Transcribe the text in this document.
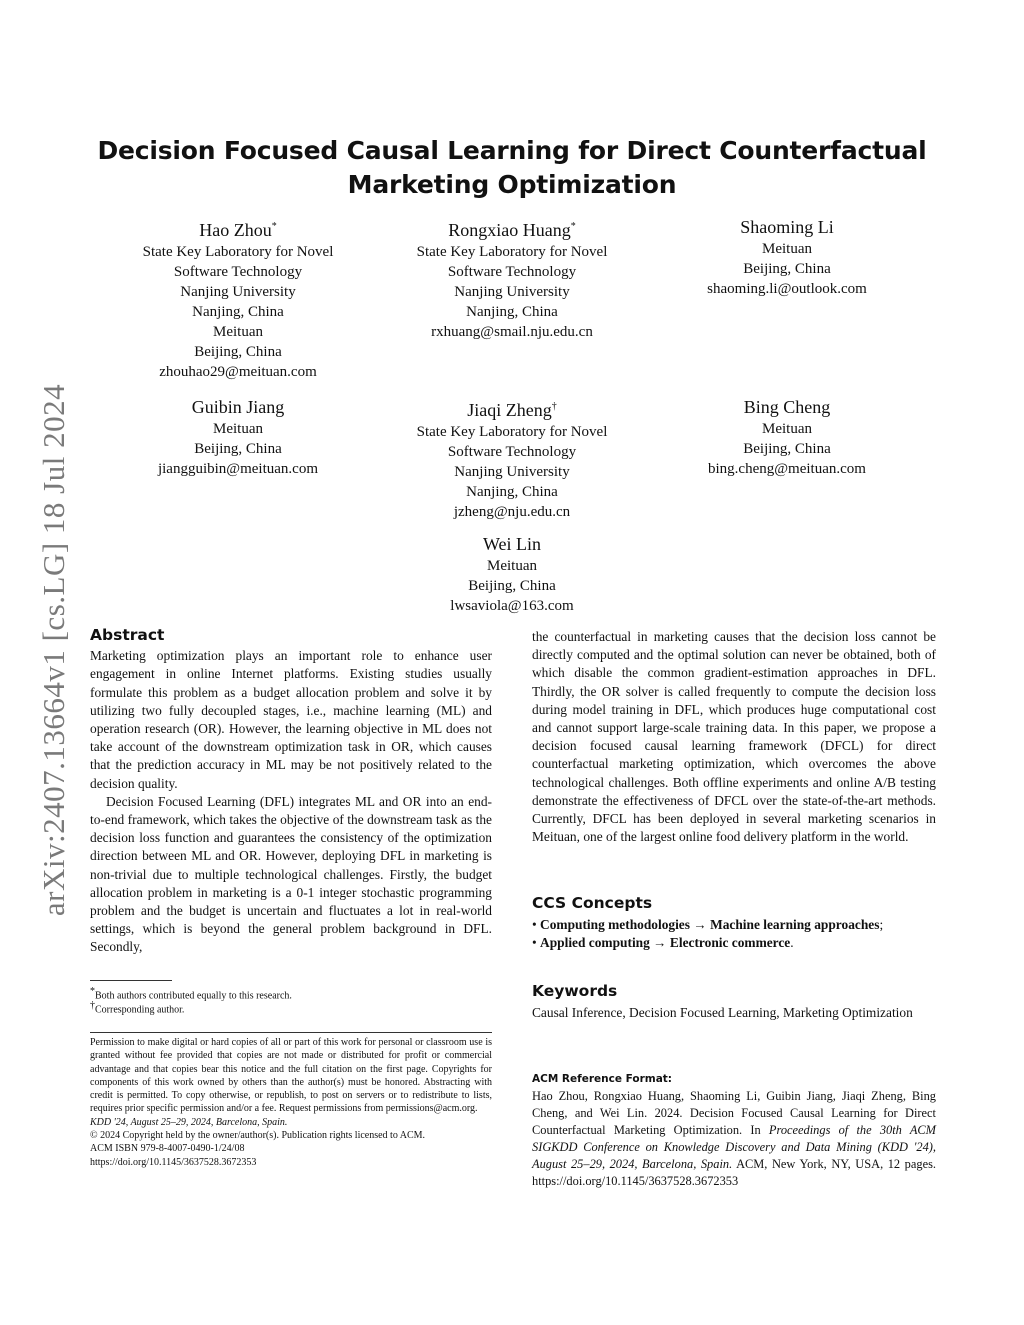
Decision Focused Causal Learning for Direct Counterfactual Marketing Optimization
arXiv:2407.13664v1 [cs.LG] 18 Jul 2024
Hao Zhou*
State Key Laboratory for Novel
Software Technology
Nanjing University
Nanjing, China
Meituan
Beijing, China
zhouhao29@meituan.com
Rongxiao Huang*
State Key Laboratory for Novel
Software Technology
Nanjing University
Nanjing, China
rxhuang@smail.nju.edu.cn
Shaoming Li
Meituan
Beijing, China
shaoming.li@outlook.com
Guibin Jiang
Meituan
Beijing, China
jiangguibin@meituan.com
Jiaqi Zheng†
State Key Laboratory for Novel
Software Technology
Nanjing University
Nanjing, China
jzheng@nju.edu.cn
Bing Cheng
Meituan
Beijing, China
bing.cheng@meituan.com
Wei Lin
Meituan
Beijing, China
lwsaviola@163.com
Abstract

Marketing optimization plays an important role to enhance user engagement in online Internet platforms. Existing studies usually formulate this problem as a budget allocation problem and solve it by utilizing two fully decoupled stages, i.e., machine learning (ML) and operation research (OR). However, the learning objective in ML does not take account of the downstream optimization task in OR, which causes that the prediction accuracy in ML may be not positively related to the decision quality.

Decision Focused Learning (DFL) integrates ML and OR into an end-to-end framework, which takes the objective of the downstream task as the decision loss function and guarantees the consistency of the optimization direction between ML and OR. However, deploying DFL in marketing is non-trivial due to multiple technological challenges. Firstly, the budget allocation problem in marketing is a 0-1 integer stochastic programming problem and the budget is uncertain and fluctuates a lot in real-world settings, which is beyond the general problem background in DFL. Secondly,

*Both authors contributed equally to this research.
†Corresponding author.
Permission to make digital or hard copies of all or part of this work for personal or classroom use is granted without fee provided that copies are not made or distributed for profit or commercial advantage and that copies bear this notice and the full citation on the first page. Copyrights for components of this work owned by others than the author(s) must be honored. Abstracting with credit is permitted. To copy otherwise, or republish, to post on servers or to redistribute to lists, requires prior specific permission and/or a fee. Request permissions from permissions@acm.org.
KDD '24, August 25–29, 2024, Barcelona, Spain.
© 2024 Copyright held by the owner/author(s). Publication rights licensed to ACM.
ACM ISBN 979-8-4007-0490-1/24/08
https://doi.org/10.1145/3637528.3672353

the counterfactual in marketing causes that the decision loss cannot be directly computed and the optimal solution can never be obtained, both of which disable the common gradient-estimation approaches in DFL. Thirdly, the OR solver is called frequently to compute the decision loss during model training in DFL, which produces huge computational cost and cannot support large-scale training data. In this paper, we propose a decision focused causal learning framework (DFCL) for direct counterfactual marketing optimization, which overcomes the above technological challenges. Both offline experiments and online A/B testing demonstrate the effectiveness of DFCL over the state-of-the-art methods. Currently, DFCL has been deployed in several marketing scenarios in Meituan, one of the largest online food delivery platform in the world.

CCS Concepts
• Computing methodologies → Machine learning approaches;
• Applied computing → Electronic commerce.
Keywords

Causal Inference, Decision Focused Learning, Marketing Optimization

ACM Reference Format:

Hao Zhou, Rongxiao Huang, Shaoming Li, Guibin Jiang, Jiaqi Zheng, Bing Cheng, and Wei Lin. 2024. Decision Focused Causal Learning for Direct Counterfactual Marketing Optimization. In Proceedings of the 30th ACM SIGKDD Conference on Knowledge Discovery and Data Mining (KDD '24), August 25–29, 2024, Barcelona, Spain. ACM, New York, NY, USA, 12 pages. https://doi.org/10.1145/3637528.3672353
